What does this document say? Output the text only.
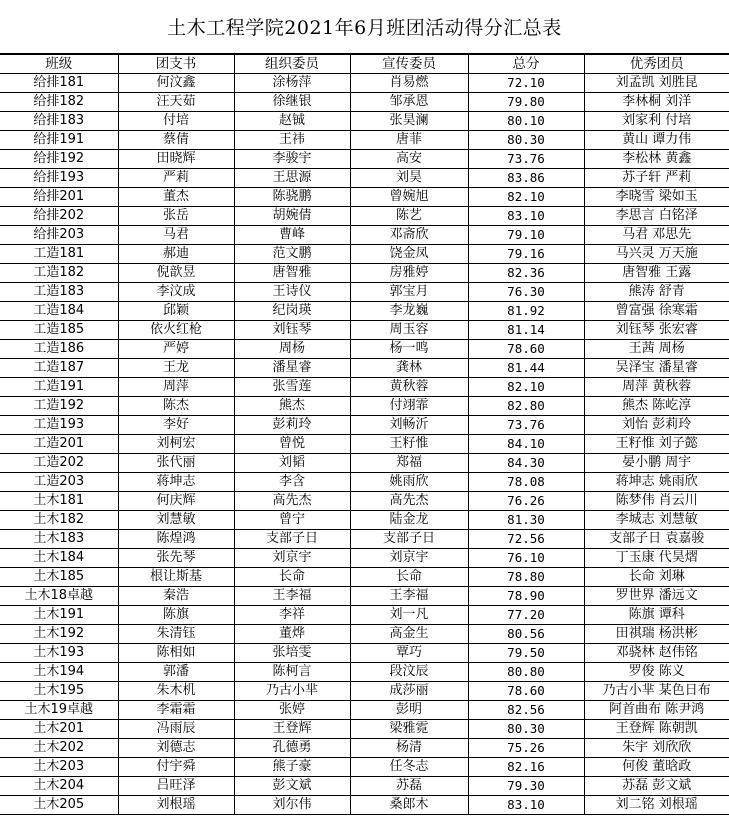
土木工程学院2021年6月班团活动得分汇总表
班级	团支书	组织委员	宣传委员	总分	优秀团员
给排181	何汶鑫	涂杨萍	肖易燃	72.10	刘孟凯 刘胜昆
给排182	汪天茹	徐继银	邹承恩	79.80	李林桐 刘洋
给排183	付培	赵铖	张昊澜	80.10	刘家利 付培
给排191	蔡倩	王祎	唐菲	80.30	黄山 谭力伟
给排192	田晓辉	李骏宇	高安	73.76	李松林 黄鑫
给排193	严莉	王思源	刘昊	83.86	苏子轩 严莉
给排201	董杰	陈骁鹏	曾婉旭	82.10	李晓雪 梁如玉
给排202	张岳	胡婉倩	陈艺	83.10	李思言 白铭泽
给排203	马君	曹峰	邓斋欣	79.10	马君 邓思先
工造181	郝迪	范文鹏	饶金凤	79.16	马兴灵 万天施
工造182	倪歆昱	唐智雅	房雅婷	82.36	唐智雅 王露
工造183	李汶成	王诗仪	郭宝月	76.30	熊涛 舒青
工造184	邱颖	纪岗瑛	李龙巍	81.92	曾富强 徐寒霜
工造185	依火红枪	刘钰琴	周玉容	81.14	刘钰琴 张宏睿
工造186	严婷	周杨	杨一鸣	78.60	王茜 周杨
工造187	王龙	潘星睿	龚林	81.44	吴泽宝 潘星睿
工造191	周萍	张雪莲	黄秋蓉	82.10	周萍 黄秋蓉
工造192	陈杰	熊杰	付翊霏	82.80	熊杰 陈屹淳
工造193	李好	彭莉玲	刘畅沂	73.76	刘怡 彭莉玲
工造201	刘柯宏	曾悦	王籽惟	84.10	王籽惟 刘子懿
工造202	张代丽	刘韬	郑福	84.30	晏小鹏 周宇
工造203	蒋坤志	李含	姚雨欣	78.08	蒋坤志 姚雨欣
土木181	何庆辉	高先杰	高先杰	76.26	陈梦伟 肖云川
土木182	刘慧敏	曾宁	陆金龙	81.30	李城志 刘慧敏
土木183	陈煌鸿	支部子日	支部子日	72.56	支部子日 袁嘉骏
土木184	张先琴	刘京宇	刘京宇	76.10	丁玉康 代昊熠
土木185	根让斯基	长命	长命	78.80	长命 刘琳
土木18卓越	秦浩	王李福	王李福	78.90	罗世界 潘远文
土木191	陈旗	李祥	刘一凡	77.20	陈旗 谭科
土木192	朱清钰	董烨	高金生	80.56	田祺瑞 杨洪彬
土木193	陈相如	张培雯	覃巧	79.50	邓骁林 赵伟铭
土木194	郭潘	陈柯言	段汶辰	80.80	罗俊 陈义
土木195	朱木机	乃古小芈	成莎丽	78.60	乃古小芈 某色日布
土木19卓越	李霜霜	张婷	彭明	82.56	阿首曲布 陈尹鸿
土木201	冯雨辰	王登辉	梁雅霓	80.30	王登辉 陈朝凯
土木202	刘德志	孔德勇	杨清	75.26	朱宇 刘欣欣
土木203	付宇舜	熊子豪	任冬志	82.16	何俊 董晗政
土木204	吕旺泽	彭文斌	苏磊	79.30	苏磊 彭文斌
土木205	刘根瑶	刘尔伟	桑郎木	83.10	刘二铭 刘根瑶
